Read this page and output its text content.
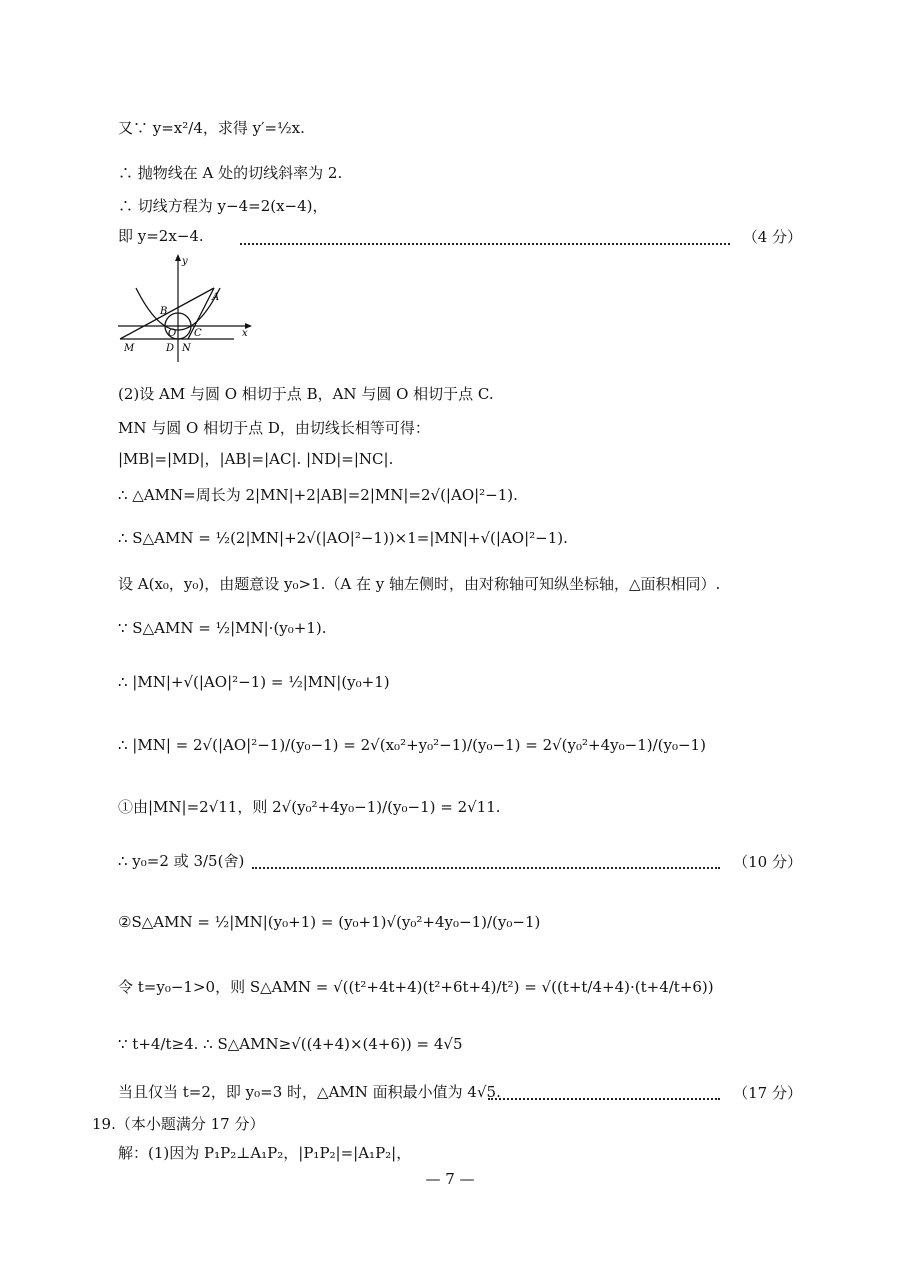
又∵ y=x²/4，求得 y′=½x.
∴ 抛物线在 A 处的切线斜率为 2.
∴ 切线方程为 y−4=2(x−4)，
即 y=2x−4.	（4 分）
y
x
A
B
O C
M	D N
(2)设 AM 与圆 O 相切于点 B，AN 与圆 O 相切于点 C.
MN 与圆 O 相切于点 D，由切线长相等可得：
|MB|=|MD|，|AB|=|AC|. |ND|=|NC|.
∴ △AMN=周长为 2|MN|+2|AB|=2|MN|=2√(|AO|²−1).
∴ S△AMN = ½(2|MN|+2√(|AO|²−1))×1=|MN|+√(|AO|²−1).
设 A(x₀，y₀)，由题意设 y₀>1.（A 在 y 轴左侧时，由对称轴可知纵坐标轴，△面积相同）.
∵ S△AMN = ½|MN|·(y₀+1).
∴ |MN|+√(|AO|²−1) = ½|MN|(y₀+1)
∴ |MN| = 2√(|AO|²−1)/(y₀−1) = 2√(x₀²+y₀²−1)/(y₀−1) = 2√(y₀²+4y₀−1)/(y₀−1)
①由|MN|=2√11，则 2√(y₀²+4y₀−1)/(y₀−1) = 2√11.
∴ y₀=2 或 3/5(舍)	（10 分）
②S△AMN = ½|MN|(y₀+1) = (y₀+1)√(y₀²+4y₀−1)/(y₀−1)
令 t=y₀−1>0，则 S△AMN = √((t²+4t+4)(t²+6t+4)/t²) = √((t+t/4+4)·(t+4/t+6))
∵ t+4/t≥4. ∴ S△AMN≥√((4+4)×(4+6)) = 4√5
当且仅当 t=2，即 y₀=3 时，△AMN 面积最小值为 4√5.	（17 分）
19.（本小题满分 17 分）
解：(1)因为 P₁P₂⊥A₁P₂，|P₁P₂|=|A₁P₂|，
— 7 —
